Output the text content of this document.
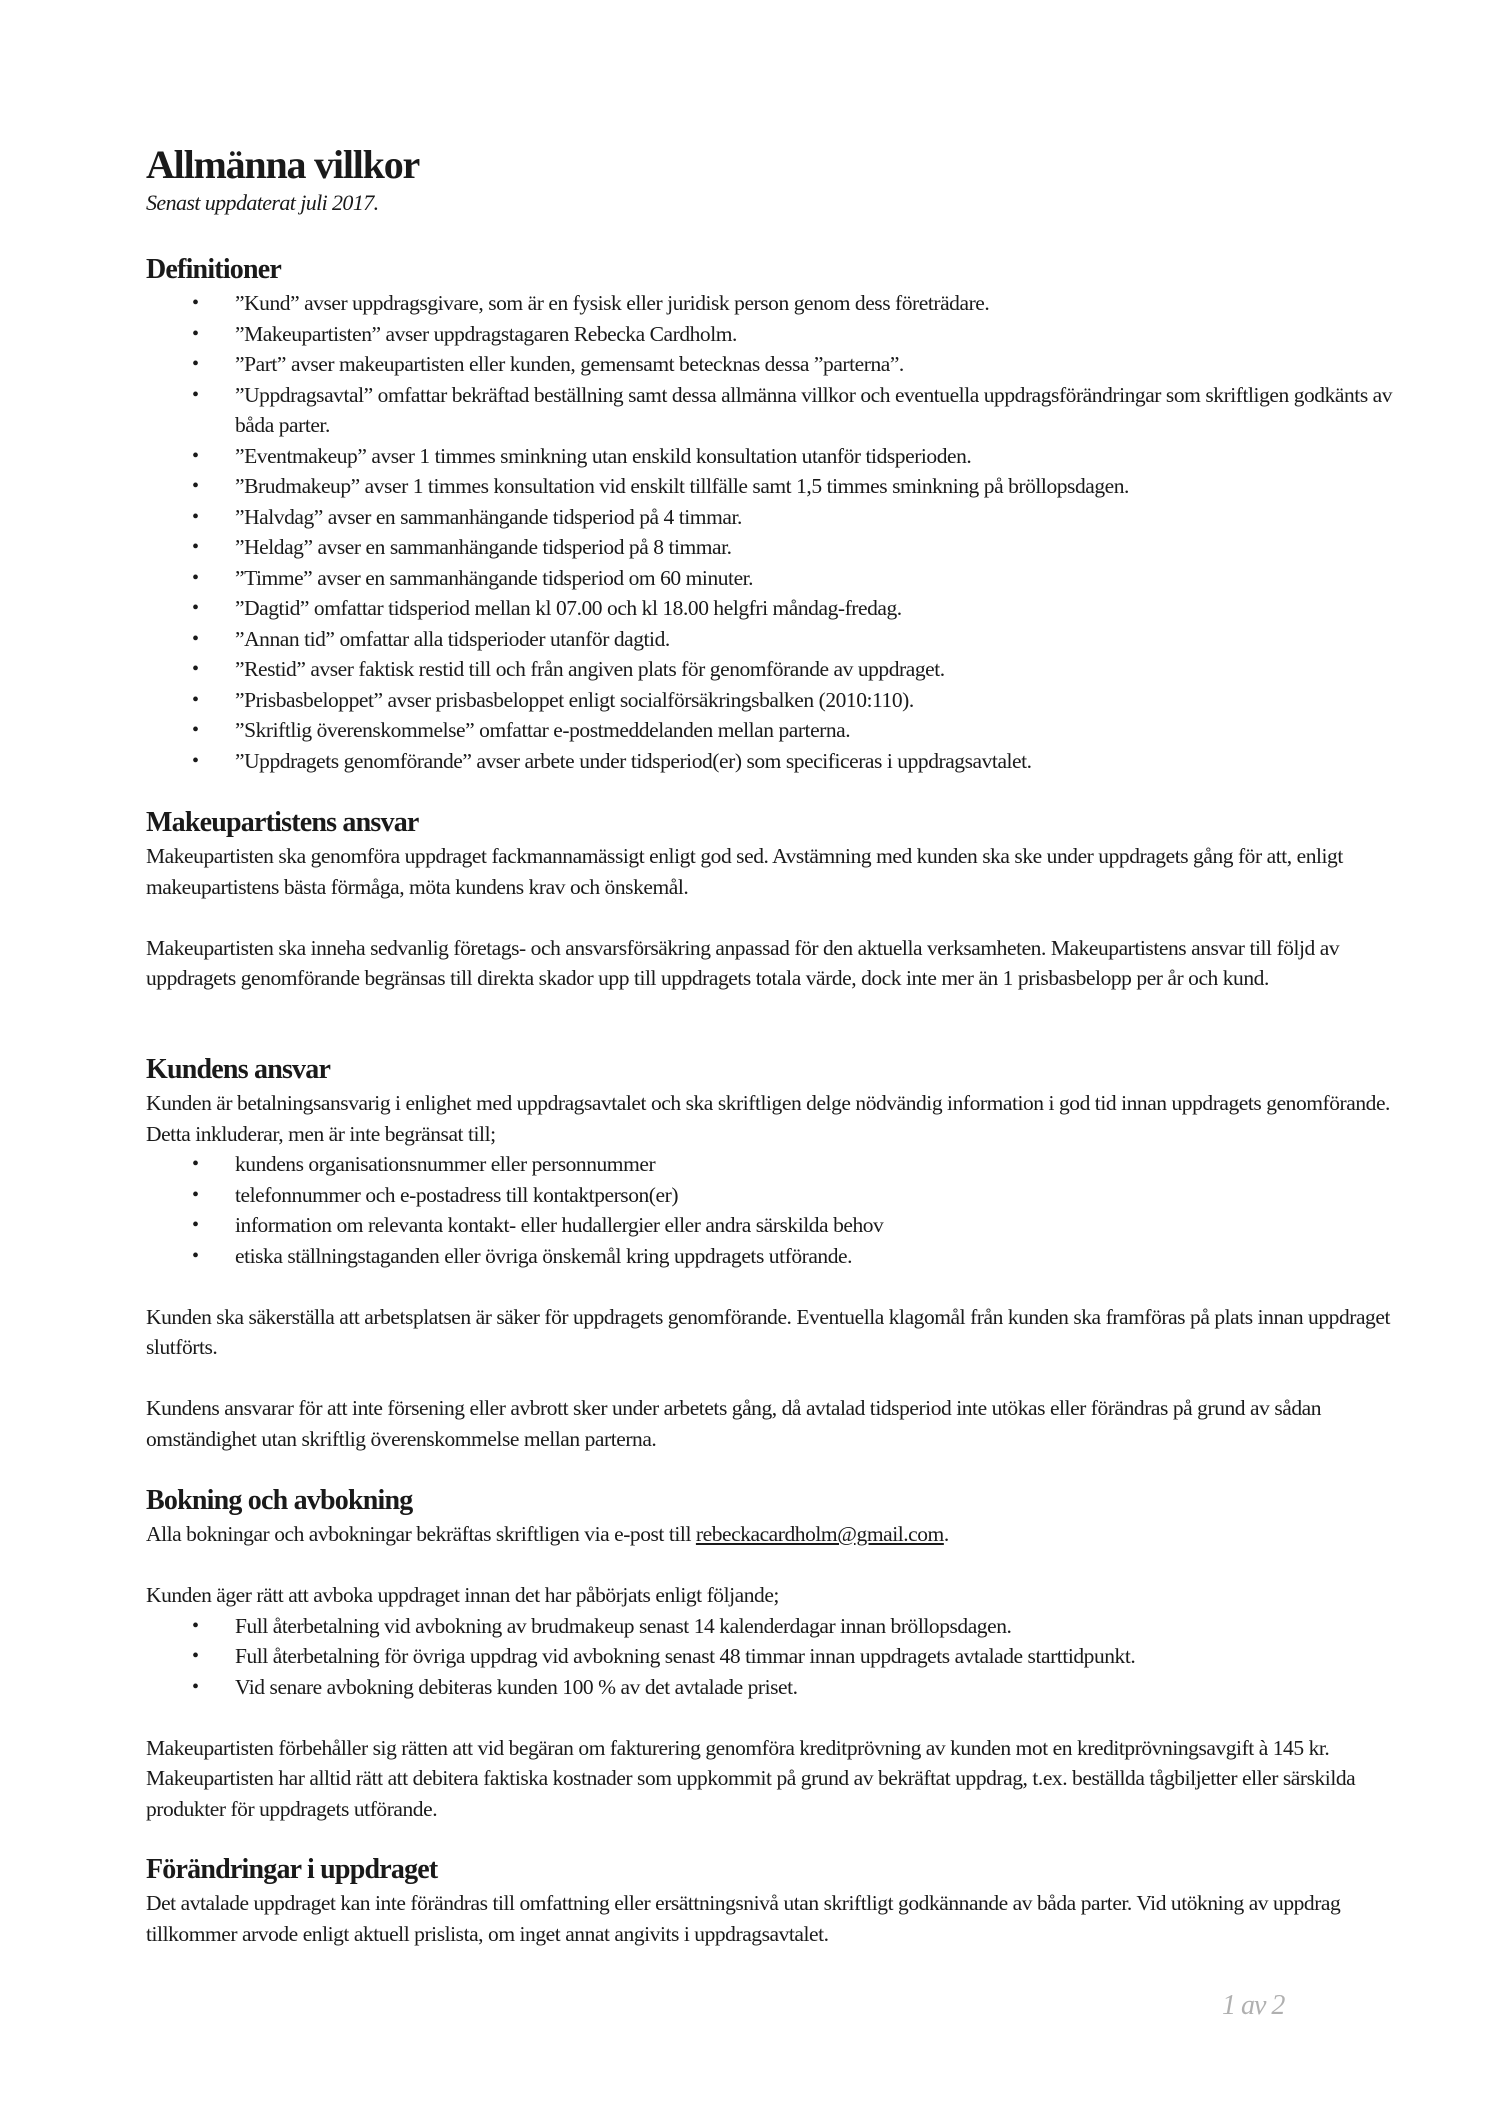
Allmänna villkor
Senast uppdaterat juli 2017.
Definitioner
• ”Kund” avser uppdragsgivare, som är en fysisk eller juridisk person genom dess företrädare.
• ”Makeupartisten” avser uppdragstagaren Rebecka Cardholm.
• ”Part” avser makeupartisten eller kunden, gemensamt betecknas dessa ”parterna”.
• ”Uppdragsavtal” omfattar bekräftad beställning samt dessa allmänna villkor och eventuella uppdragsförändringar som skriftligen godkänts av båda parter.
• ”Eventmakeup” avser 1 timmes sminkning utan enskild konsultation utanför tidsperioden.
• ”Brudmakeup” avser 1 timmes konsultation vid enskilt tillfälle samt 1,5 timmes sminkning på bröllopsdagen.
• ”Halvdag” avser en sammanhängande tidsperiod på 4 timmar.
• ”Heldag” avser en sammanhängande tidsperiod på 8 timmar.
• ”Timme” avser en sammanhängande tidsperiod om 60 minuter.
• ”Dagtid” omfattar tidsperiod mellan kl 07.00 och kl 18.00 helgfri måndag-fredag.
• ”Annan tid” omfattar alla tidsperioder utanför dagtid.
• ”Restid” avser faktisk restid till och från angiven plats för genomförande av uppdraget.
• ”Prisbasbeloppet” avser prisbasbeloppet enligt socialförsäkringsbalken (2010:110).
• ”Skriftlig överenskommelse” omfattar e-postmeddelanden mellan parterna.
• ”Uppdragets genomförande” avser arbete under tidsperiod(er) som specificeras i uppdragsavtalet.
Makeupartistens ansvar

Makeupartisten ska genomföra uppdraget fackmannamässigt enligt god sed. Avstämning med kunden ska ske under uppdragets gång för att, enligt makeupartistens bästa förmåga, möta kundens krav och önskemål.

Makeupartisten ska inneha sedvanlig företags- och ansvarsförsäkring anpassad för den aktuella verksamheten. Makeupartistens ansvar till följd av uppdragets genomförande begränsas till direkta skador upp till uppdragets totala värde, dock inte mer än 1 prisbasbelopp per år och kund.

Kundens ansvar

Kunden är betalningsansvarig i enlighet med uppdragsavtalet och ska skriftligen delge nödvändig information i god tid innan uppdragets genomförande. Detta inkluderar, men är inte begränsat till;

• kundens organisationsnummer eller personnummer
• telefonnummer och e-postadress till kontaktperson(er)
• information om relevanta kontakt- eller hudallergier eller andra särskilda behov
• etiska ställningstaganden eller övriga önskemål kring uppdragets utförande.

Kunden ska säkerställa att arbetsplatsen är säker för uppdragets genomförande. Eventuella klagomål från kunden ska framföras på plats innan uppdraget slutförts.

Kundens ansvarar för att inte försening eller avbrott sker under arbetets gång, då avtalad tidsperiod inte utökas eller förändras på grund av sådan omständighet utan skriftlig överenskommelse mellan parterna.

Bokning och avbokning

Alla bokningar och avbokningar bekräftas skriftligen via e-post till rebeckacardholm@gmail.com.

Kunden äger rätt att avboka uppdraget innan det har påbörjats enligt följande;

• Full återbetalning vid avbokning av brudmakeup senast 14 kalenderdagar innan bröllopsdagen.
• Full återbetalning för övriga uppdrag vid avbokning senast 48 timmar innan uppdragets avtalade starttidpunkt.
• Vid senare avbokning debiteras kunden 100 % av det avtalade priset.

Makeupartisten förbehåller sig rätten att vid begäran om fakturering genomföra kreditprövning av kunden mot en kreditprövningsavgift à 145 kr. Makeupartisten har alltid rätt att debitera faktiska kostnader som uppkommit på grund av bekräftat uppdrag, t.ex. beställda tågbiljetter eller särskilda produkter för uppdragets utförande.

Förändringar i uppdraget

Det avtalade uppdraget kan inte förändras till omfattning eller ersättningsnivå utan skriftligt godkännande av båda parter. Vid utökning av uppdrag tillkommer arvode enligt aktuell prislista, om inget annat angivits i uppdragsavtalet.

1 av 2
